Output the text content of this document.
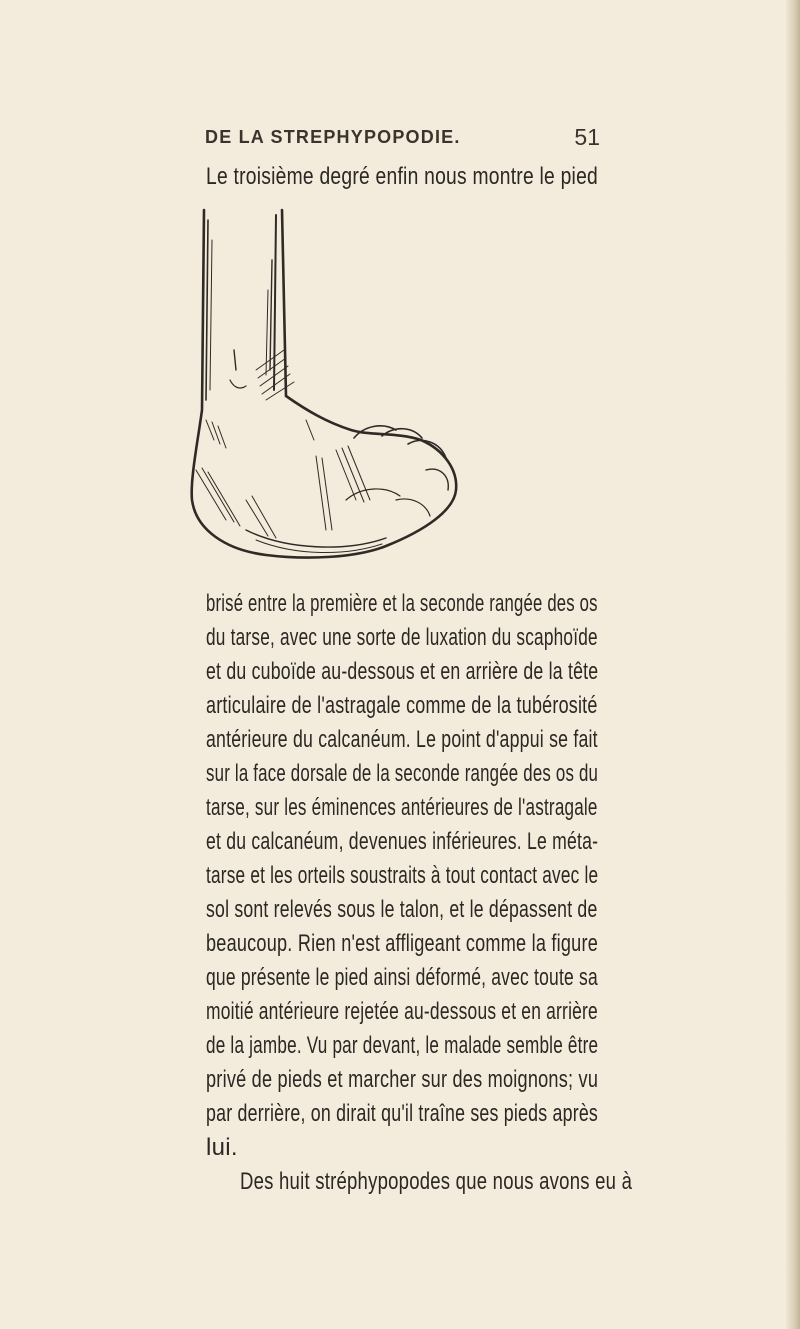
DE LA STREPHYPOPODIE.	51
Le troisième degré enfin nous montre le pied
brisé entre la première et la seconde rangée des os
du tarse, avec une sorte de luxation du scaphoïde
et du cuboïde au-dessous et en arrière de la tête
articulaire de l'astragale comme de la tubérosité
antérieure du calcanéum. Le point d'appui se fait
sur la face dorsale de la seconde rangée des os du
tarse, sur les éminences antérieures de l'astragale
et du calcanéum, devenues inférieures. Le méta-
tarse et les orteils soustraits à tout contact avec le
sol sont relevés sous le talon, et le dépassent de
beaucoup. Rien n'est affligeant comme la figure
que présente le pied ainsi déformé, avec toute sa
moitié antérieure rejetée au-dessous et en arrière
de la jambe. Vu par devant, le malade semble être
privé de pieds et marcher sur des moignons; vu
par derrière, on dirait qu'il traîne ses pieds après
lui.
Des huit stréphypopodes que nous avons eu à
